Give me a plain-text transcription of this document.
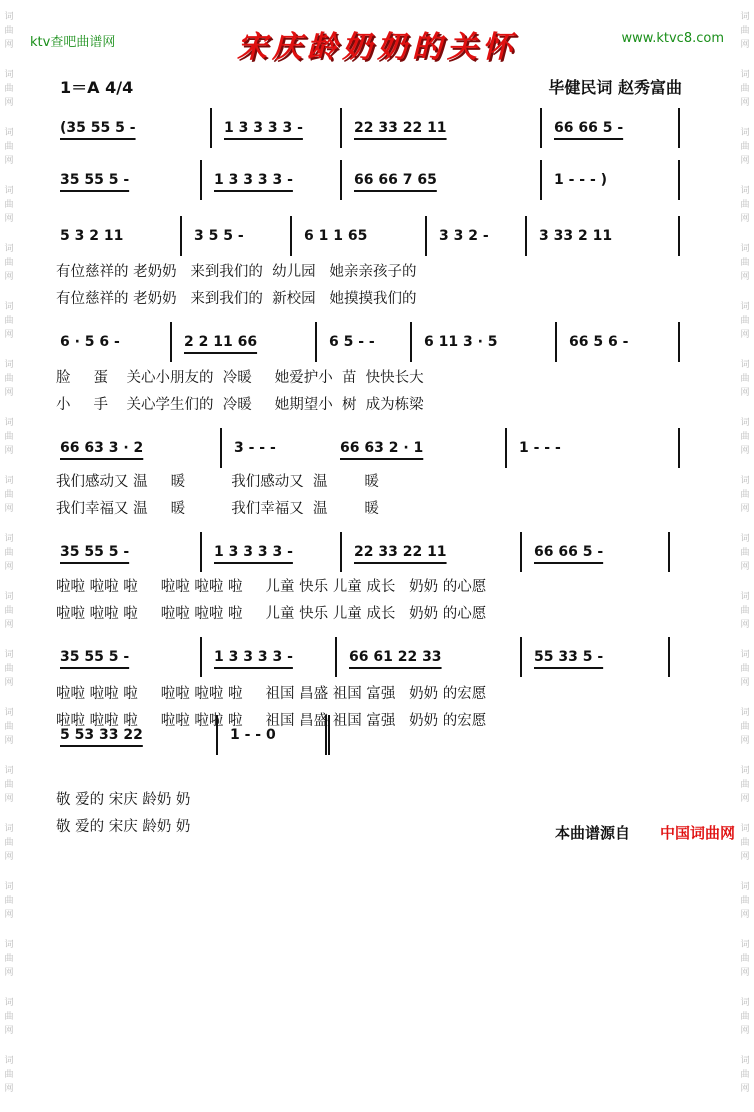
词
曲
网
词
曲
网
词
曲
网
词
曲
网
词
曲
网
词
曲
网
词
曲
网
词
曲
网
词
曲
网
词
曲
网
词
曲
网
词
曲
网
词
曲
网
词
曲
网
词
曲
网
词
曲
网
词
曲
网
词
曲
网
词
曲
网
词
曲
网
词
曲
网
词
曲
网
词
曲
网
词
曲
网
词
曲
网
词
曲
网
词
曲
网
词
曲
网
词
曲
网
词
曲
网
词
曲
网
词
曲
网
词
曲
网
词
曲
网
词
曲
网
词
曲
网
词
曲
网
词
曲
网
ktv查吧曲谱网	www.ktvc8.com
宋庆龄奶奶的关怀
1＝A 4/4	毕健民词 赵秀富曲
(35 55 5 -	1 3 3 3 3 -	22 33 22 11	66 66 5 -
35 55 5 -	1 3 3 3 3 -	66 66 7 65	1 - - - )
5 3 2 11	3 5 5 -	6 1 1 65	3 3 2 -	3 33 2 11
有位慈祥的 老奶奶   来到我们的  幼儿园   她亲亲孩子的
有位慈祥的 老奶奶   来到我们的  新校园   她摸摸我们的
6 · 5 6 -	2 2 11 66	6 5 - -	6 11 3 · 5	66 5 6 -
脸     蛋    关心小朋友的  冷暖     她爱护小  苗  快快长大
小     手    关心学生们的  冷暖     她期望小  树  成为栋梁
66 63 3 · 2	3 - - -	66 63 2 · 1	1 - - -
我们感动又 温     暖          我们感动又  温        暖
我们幸福又 温     暖          我们幸福又  温        暖
35 55 5 -	1 3 3 3 3 -	22 33 22 11	66 66 5 -
啦啦 啦啦 啦     啦啦 啦啦 啦     儿童 快乐 儿童 成长   奶奶 的心愿
啦啦 啦啦 啦     啦啦 啦啦 啦     儿童 快乐 儿童 成长   奶奶 的心愿
35 55 5 -	1 3 3 3 3 -	66 61 22 33	55 33 5 -
啦啦 啦啦 啦     啦啦 啦啦 啦     祖国 昌盛 祖国 富强   奶奶 的宏愿
啦啦 啦啦 啦     啦啦 啦啦 啦     祖国 昌盛 祖国 富强   奶奶 的宏愿
5 53 33 22	1 - - 0
敬 爱的 宋庆 龄奶 奶
敬 爱的 宋庆 龄奶 奶	本曲谱源自 中国词曲网
